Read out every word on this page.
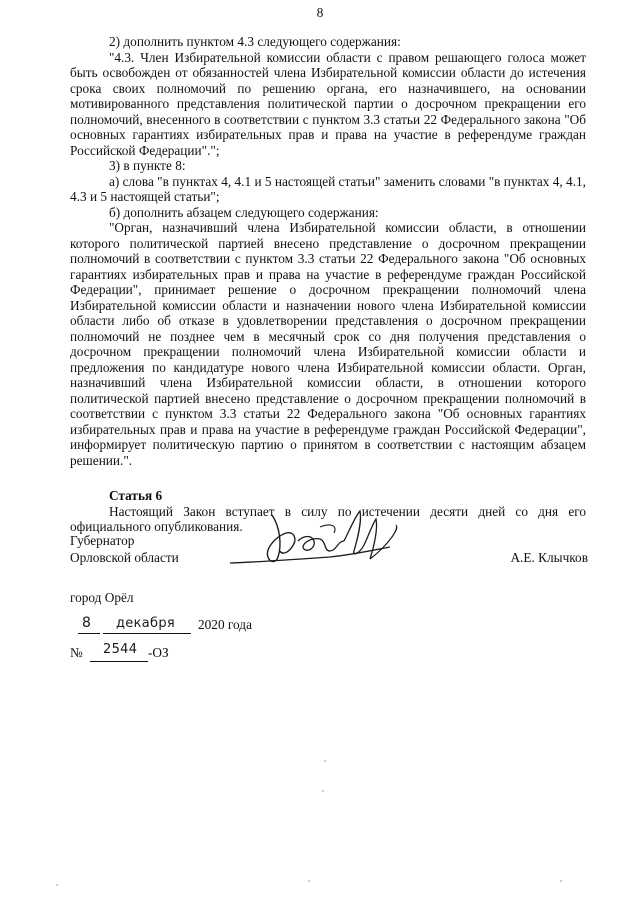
8

2) дополнить пунктом 4.3 следующего содержания:

"4.3. Член Избирательной комиссии области с правом решающего голоса может быть освобожден от обязанностей члена Избирательной комиссии области до истечения срока своих полномочий по решению органа, его назначившего, на основании мотивированного представления политической партии о досрочном прекращении его полномочий, внесенного в соответствии с пунктом 3.3 статьи 22 Федерального закона "Об основных гарантиях избирательных прав и права на участие в референдуме граждан Российской Федерации".";

3) в пункте 8:

а) слова "в пунктах 4, 4.1 и 5 настоящей статьи" заменить словами "в пунктах 4, 4.1, 4.3 и 5 настоящей статьи";

б) дополнить абзацем следующего содержания:

"Орган, назначивший члена Избирательной комиссии области, в отношении которого политической партией внесено представление о досрочном прекращении полномочий в соответствии с пунктом 3.3 статьи 22 Федерального закона "Об основных гарантиях избирательных прав и права на участие в референдуме граждан Российской Федерации", принимает решение о досрочном прекращении полномочий члена Избирательной комиссии области и назначении нового члена Избирательной комиссии области либо об отказе в удовлетворении представления о досрочном прекращении полномочий не позднее чем в месячный срок со дня получения представления о досрочном прекращении полномочий члена Избирательной комиссии области и предложения по кандидатуре нового члена Избирательной комиссии области. Орган, назначивший члена Избирательной комиссии области, в отношении которого политической партией внесено представление о досрочном прекращении полномочий в соответствии с пунктом 3.3 статьи 22 Федерального закона "Об основных гарантиях избирательных прав и права на участие в референдуме граждан Российской Федерации", информирует политическую партию о принятом в соответствии с настоящим абзацем решении.".

Статья 6

Настоящий Закон вступает в силу по истечении десяти дней со дня его официального опубликования.

Губернатор
Орловской области	А.Е. Клычков
город Орёл
8 декабря 2020 года
№ 2544 -ОЗ
